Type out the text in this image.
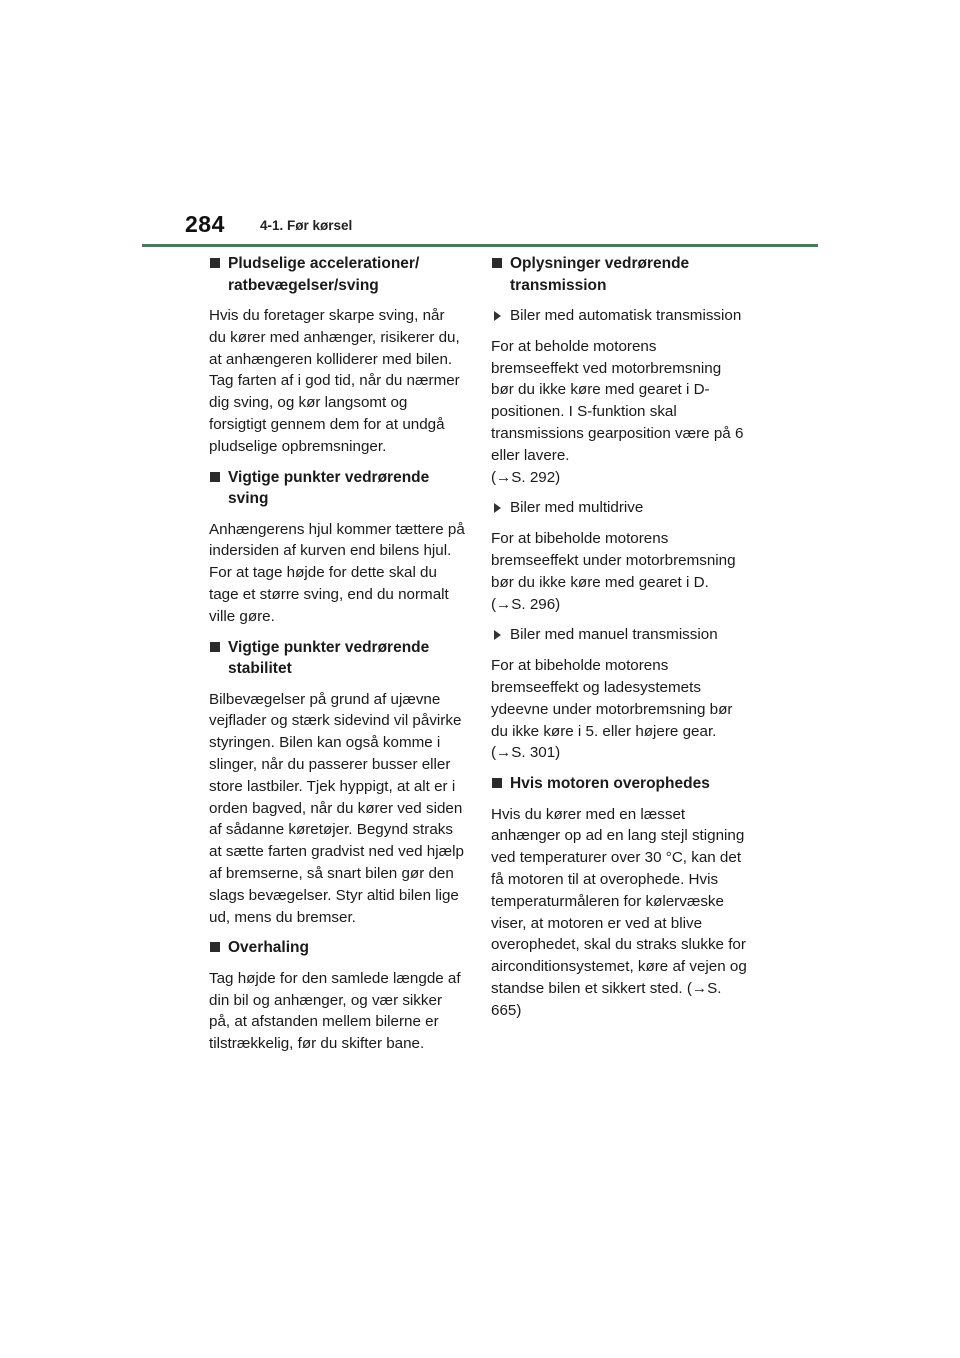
284	4-1. Før kørsel
Pludselige accelerationer/ ratbevægelser/sving

Hvis du foretager skarpe sving, når du kører med anhænger, risikerer du, at anhængeren kolliderer med bilen. Tag farten af i god tid, når du nærmer dig sving, og kør langsomt og forsigtigt gennem dem for at undgå pludselige opbremsninger.

Vigtige punkter vedrørende sving

Anhængerens hjul kommer tættere på indersiden af kurven end bilens hjul. For at tage højde for dette skal du tage et større sving, end du normalt ville gøre.

Vigtige punkter vedrørende stabilitet

Bilbevægelser på grund af ujævne vejflader og stærk sidevind vil påvirke styringen. Bilen kan også komme i slinger, når du passerer busser eller store lastbiler. Tjek hyppigt, at alt er i orden bagved, når du kører ved siden af sådanne køretøjer. Begynd straks at sætte farten gradvist ned ved hjælp af bremserne, så snart bilen gør den slags bevægelser. Styr altid bilen lige ud, mens du bremser.

Overhaling

Tag højde for den samlede længde af din bil og anhænger, og vær sikker på, at afstanden mellem bilerne er tilstrækkelig, før du skifter bane.

Oplysninger vedrørende transmission
Biler med automatisk transmission

For at beholde motorens bremseeffekt ved motorbremsning bør du ikke køre med gearet i D-positionen. I S-funktion skal transmissions gearposition være på 6 eller lavere.
(→S. 292)

Biler med multidrive

For at bibeholde motorens bremseeffekt under motorbremsning bør du ikke køre med gearet i D.
(→S. 296)

Biler med manuel transmission

For at bibeholde motorens bremseeffekt og ladesystemets ydeevne under motorbremsning bør du ikke køre i 5. eller højere gear.
(→S. 301)

Hvis motoren overophedes

Hvis du kører med en læsset anhænger op ad en lang stejl stigning ved temperaturer over 30 °C, kan det få motoren til at overophede. Hvis temperaturmåleren for kølervæske viser, at motoren er ved at blive overophedet, skal du straks slukke for airconditionsystemet, køre af vejen og standse bilen et sikkert sted. (→S. 665)
